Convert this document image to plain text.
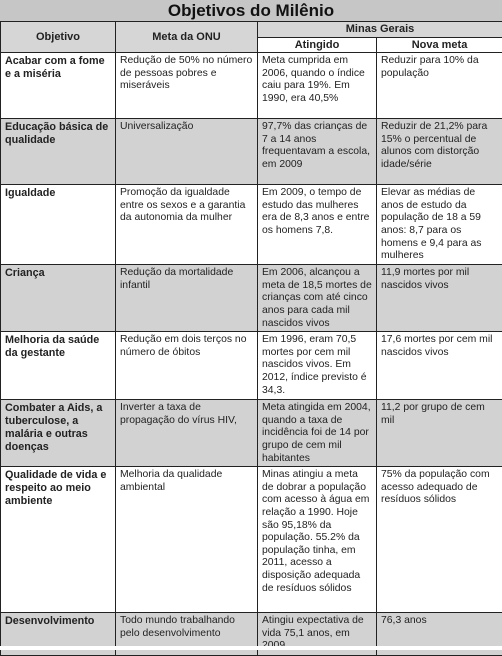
Objetivos do Milênio
Objetivo	Meta da ONU	Minas Gerais	
		Atingido	Nova meta
Acabar com a fome e a miséria	Redução de 50% no número de pessoas pobres e miseráveis	Meta cumprida em 2006, quando o índice caiu para 19%. Em 1990, era 40,5%	Reduzir para 10% da população
Educação básica de qualidade	Universalização	97,7% das crianças de 7 a 14 anos frequentavam a escola, em 2009	Reduzir de 21,2% para 15% o percentual de alunos com distorção idade/série
Igualdade	Promoção da igualdade entre os sexos e a garantia da autonomia da mulher	Em 2009, o tempo de estudo das mulheres era de 8,3 anos e entre os homens 7,8.	Elevar as médias de anos de estudo da população de 18 a 59 anos: 8,7 para os homens e 9,4 para as mulheres
Criança	Redução da mortalidade infantil	Em 2006, alcançou a meta de 18,5 mortes de crianças com até cinco anos para cada mil nascidos vivos	11,9 mortes por mil nascidos vivos
Melhoria da saúde da gestante	Redução em dois terços no número de óbitos	Em 1996, eram 70,5 mortes por cem mil nascidos vivos. Em 2012, índice previsto é 34,3.	17,6 mortes por cem mil nascidos vivos
Combater a Aids, a tuberculose, a malária e outras doenças	Inverter a taxa de propagação do vírus HIV,	Meta atingida em 2004, quando a taxa de incidência foi de 14 por grupo de cem mil habitantes	11,2 por grupo de cem mil
Qualidade de vida e respeito ao meio ambiente	Melhoria da qualidade ambiental	Minas atingiu a meta de dobrar a população com acesso à água em relação a 1990. Hoje são 95,18% da população. 55.2% da população tinha, em 2011, acesso a disposição adequada de resíduos sólidos	75% da população com acesso adequado de resíduos sólidos
Desenvolvimento	Todo mundo trabalhando pelo desenvolvimento	Atingiu expectativa de vida 75,1 anos, em	76,3 anos
